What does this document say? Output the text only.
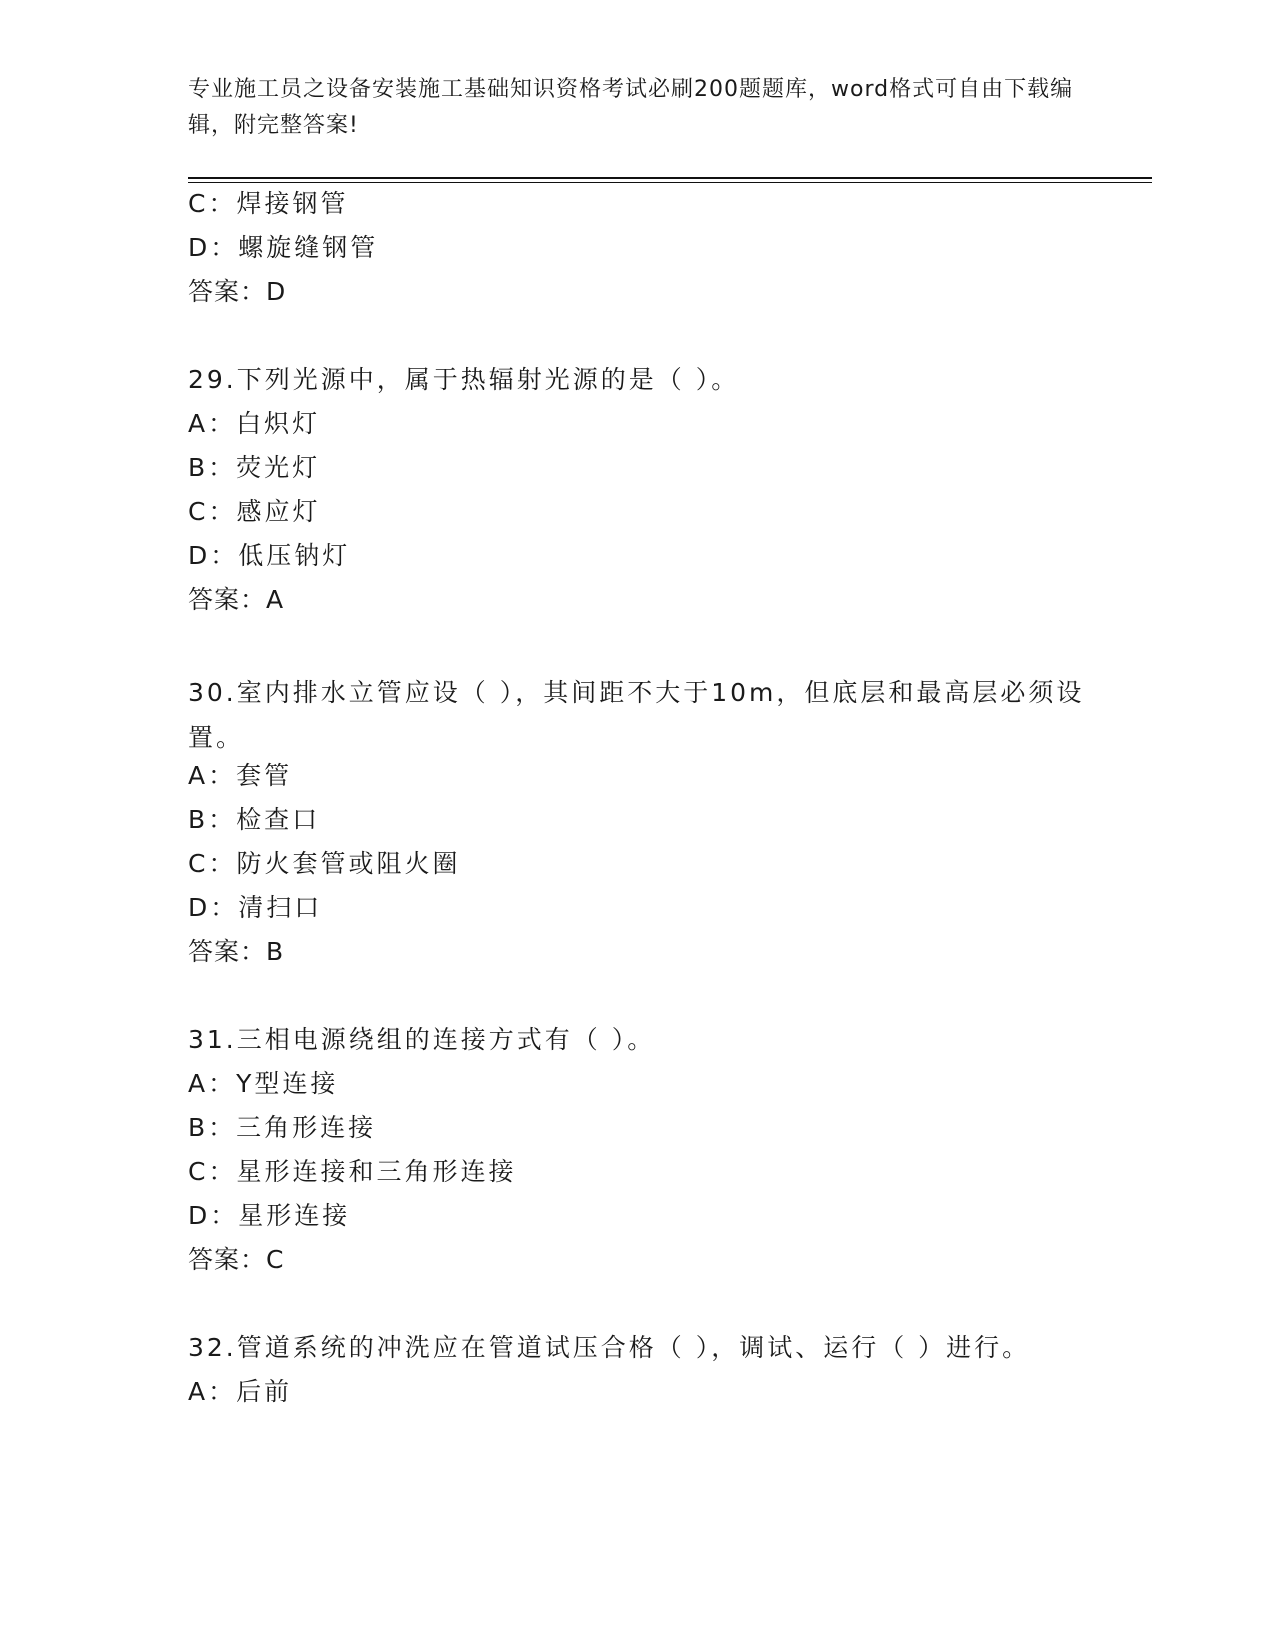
专业施工员之设备安装施工基础知识资格考试必刷200题题库，word格式可自由下载编辑，附完整答案!
C：焊接钢管
D：螺旋缝钢管
答案：D
29.下列光源中，属于热辐射光源的是（ ）。
A：白炽灯
B：荧光灯
C：感应灯
D：低压钠灯
答案：A
30.室内排水立管应设（ ），其间距不大于10m，但底层和最高层必须设置。
A：套管
B：检查口
C：防火套管或阻火圈
D：清扫口
答案：B
31.三相电源绕组的连接方式有（ ）。
A：Y型连接
B：三角形连接
C：星形连接和三角形连接
D：星形连接
答案：C
32.管道系统的冲洗应在管道试压合格（ ），调试、运行（ ）进行。
A：后前
